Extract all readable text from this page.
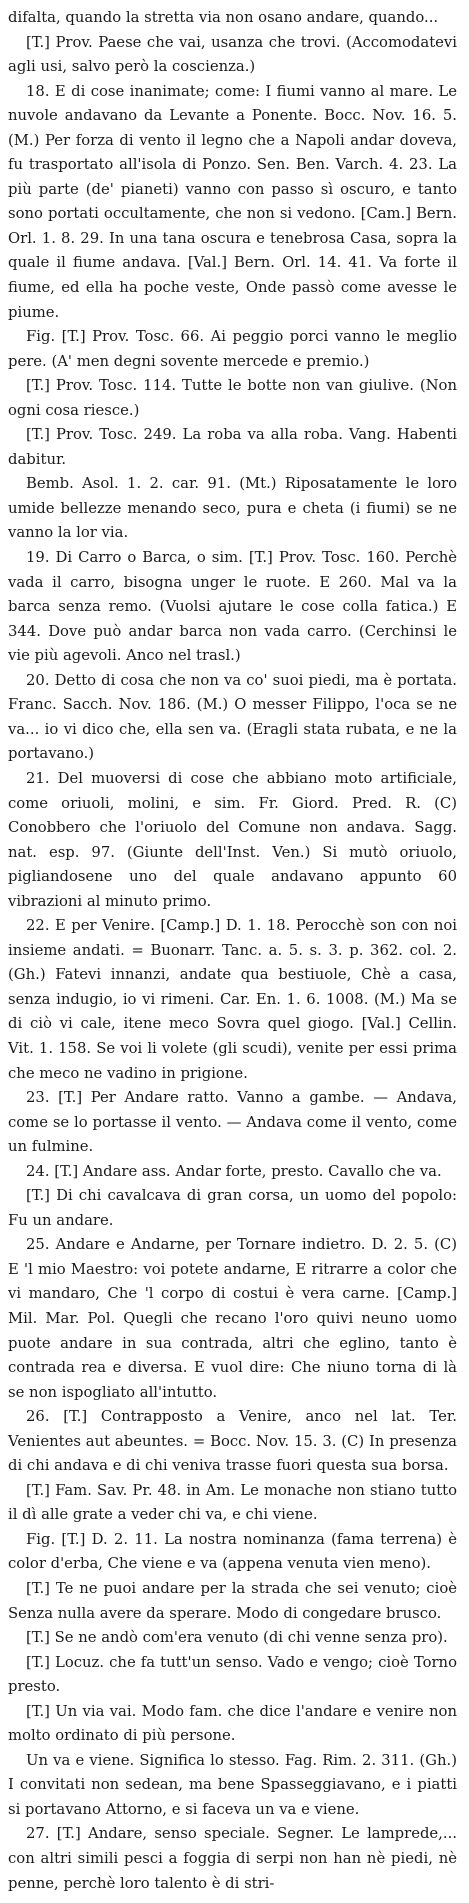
difalta, quando la stretta via non osano andare, quando...

[T.] Prov. Paese che vai, usanza che trovi. (Accomodatevi agli usi, salvo però la coscienza.)

18. E di cose inanimate; come: I fiumi vanno al mare. Le nuvole andavano da Levante a Ponente. Bocc. Nov. 16. 5. (M.) Per forza di vento il legno che a Napoli andar doveva, fu trasportato all'isola di Ponzo. Sen. Ben. Varch. 4. 23. La più parte (de' pianeti) vanno con passo sì oscuro, e tanto sono portati occultamente, che non si vedono. [Cam.] Bern. Orl. 1. 8. 29. In una tana oscura e tenebrosa Casa, sopra la quale il fiume andava. [Val.] Bern. Orl. 14. 41. Va forte il fiume, ed ella ha poche veste, Onde passò come avesse le piume.

Fig. [T.] Prov. Tosc. 66. Ai peggio porci vanno le meglio pere. (A' men degni sovente mercede e premio.)

[T.] Prov. Tosc. 114. Tutte le botte non van giulive. (Non ogni cosa riesce.)

[T.] Prov. Tosc. 249. La roba va alla roba. Vang. Habenti dabitur.

Bemb. Asol. 1. 2. car. 91. (Mt.) Riposatamente le loro umide bellezze menando seco, pura e cheta (i fiumi) se ne vanno la lor via.

19. Di Carro o Barca, o sim. [T.] Prov. Tosc. 160. Perchè vada il carro, bisogna unger le ruote. E 260. Mal va la barca senza remo. (Vuolsi ajutare le cose colla fatica.) E 344. Dove può andar barca non vada carro. (Cerchinsi le vie più agevoli. Anco nel trasl.)

20. Detto di cosa che non va co' suoi piedi, ma è portata. Franc. Sacch. Nov. 186. (M.) O messer Filippo, l'oca se ne va... io vi dico che, ella sen va. (Eragli stata rubata, e ne la portavano.)

21. Del muoversi di cose che abbiano moto artificiale, come oriuoli, molini, e sim. Fr. Giord. Pred. R. (C) Conobbero che l'oriuolo del Comune non andava. Sagg. nat. esp. 97. (Giunte dell'Inst. Ven.) Si mutò oriuolo, pigliandosene uno del quale andavano appunto 60 vibrazioni al minuto primo.

22. E per Venire. [Camp.] D. 1. 18. Perocchè son con noi insieme andati. = Buonarr. Tanc. a. 5. s. 3. p. 362. col. 2. (Gh.) Fatevi innanzi, andate qua bestiuole, Chè a casa, senza indugio, io vi rimeni. Car. En. 1. 6. 1008. (M.) Ma se di ciò vi cale, itene meco Sovra quel giogo. [Val.] Cellin. Vit. 1. 158. Se voi li volete (gli scudi), venite per essi prima che meco ne vadino in prigione.

23. [T.] Per Andare ratto. Vanno a gambe. — Andava, come se lo portasse il vento. — Andava come il vento, come un fulmine.

24. [T.] Andare ass. Andar forte, presto. Cavallo che va.

[T.] Di chi cavalcava di gran corsa, un uomo del popolo: Fu un andare.

25. Andare e Andarne, per Tornare indietro. D. 2. 5. (C) E 'l mio Maestro: voi potete andarne, E ritrarre a color che vi mandaro, Che 'l corpo di costui è vera carne. [Camp.] Mil. Mar. Pol. Quegli che recano l'oro quivi neuno uomo puote andare in sua contrada, altri che eglino, tanto è contrada rea e diversa. E vuol dire: Che niuno torna di là se non ispogliato all'intutto.

26. [T.] Contrapposto a Venire, anco nel lat. Ter. Venientes aut abeuntes. = Bocc. Nov. 15. 3. (C) In presenza di chi andava e di chi veniva trasse fuori questa sua borsa.

[T.] Fam. Sav. Pr. 48. in Am. Le monache non stiano tutto il dì alle grate a veder chi va, e chi viene.

Fig. [T.] D. 2. 11. La nostra nominanza (fama terrena) è color d'erba, Che viene e va (appena venuta vien meno).

[T.] Te ne puoi andare per la strada che sei venuto; cioè Senza nulla avere da sperare. Modo di congedare brusco.

[T.] Se ne andò com'era venuto (di chi venne senza pro).

[T.] Locuz. che fa tutt'un senso. Vado e vengo; cioè Torno presto.

[T.] Un via vai. Modo fam. che dice l'andare e venire non molto ordinato di più persone.

Un va e viene. Significa lo stesso. Fag. Rim. 2. 311. (Gh.) I convitati non sedean, ma bene Spasseggiavano, e i piatti si portavano Attorno, e si faceva un va e viene.

27. [T.] Andare, senso speciale. Segner. Le lamprede,... con altri simili pesci a foggia di serpi non han nè piedi, nè penne, perchè loro talento è di stri-
